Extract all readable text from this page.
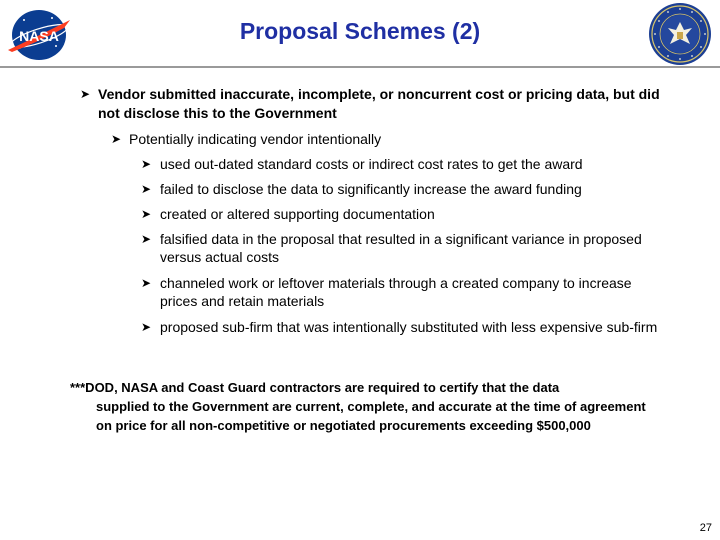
NASA	Proposal Schemes (2)
➤ Vendor submitted inaccurate, incomplete, or noncurrent cost or pricing data, but did not disclose this to the Government
➤ Potentially indicating vendor intentionally
➤ used out-dated standard costs or indirect cost rates to get the award
➤ failed to disclose the data to significantly increase the award funding
➤ created or altered supporting documentation
➤ falsified data in the proposal that resulted in a significant variance in proposed versus actual costs
➤ channeled work or leftover materials through a created company to increase prices and retain materials
➤ proposed sub-firm that was intentionally substituted with less expensive sub-firm
***DOD, NASA and Coast Guard contractors are required to certify that the data
supplied to the Government are current, complete, and accurate at the time of agreement on price for all non-competitive or negotiated procurements exceeding $500,000
27
